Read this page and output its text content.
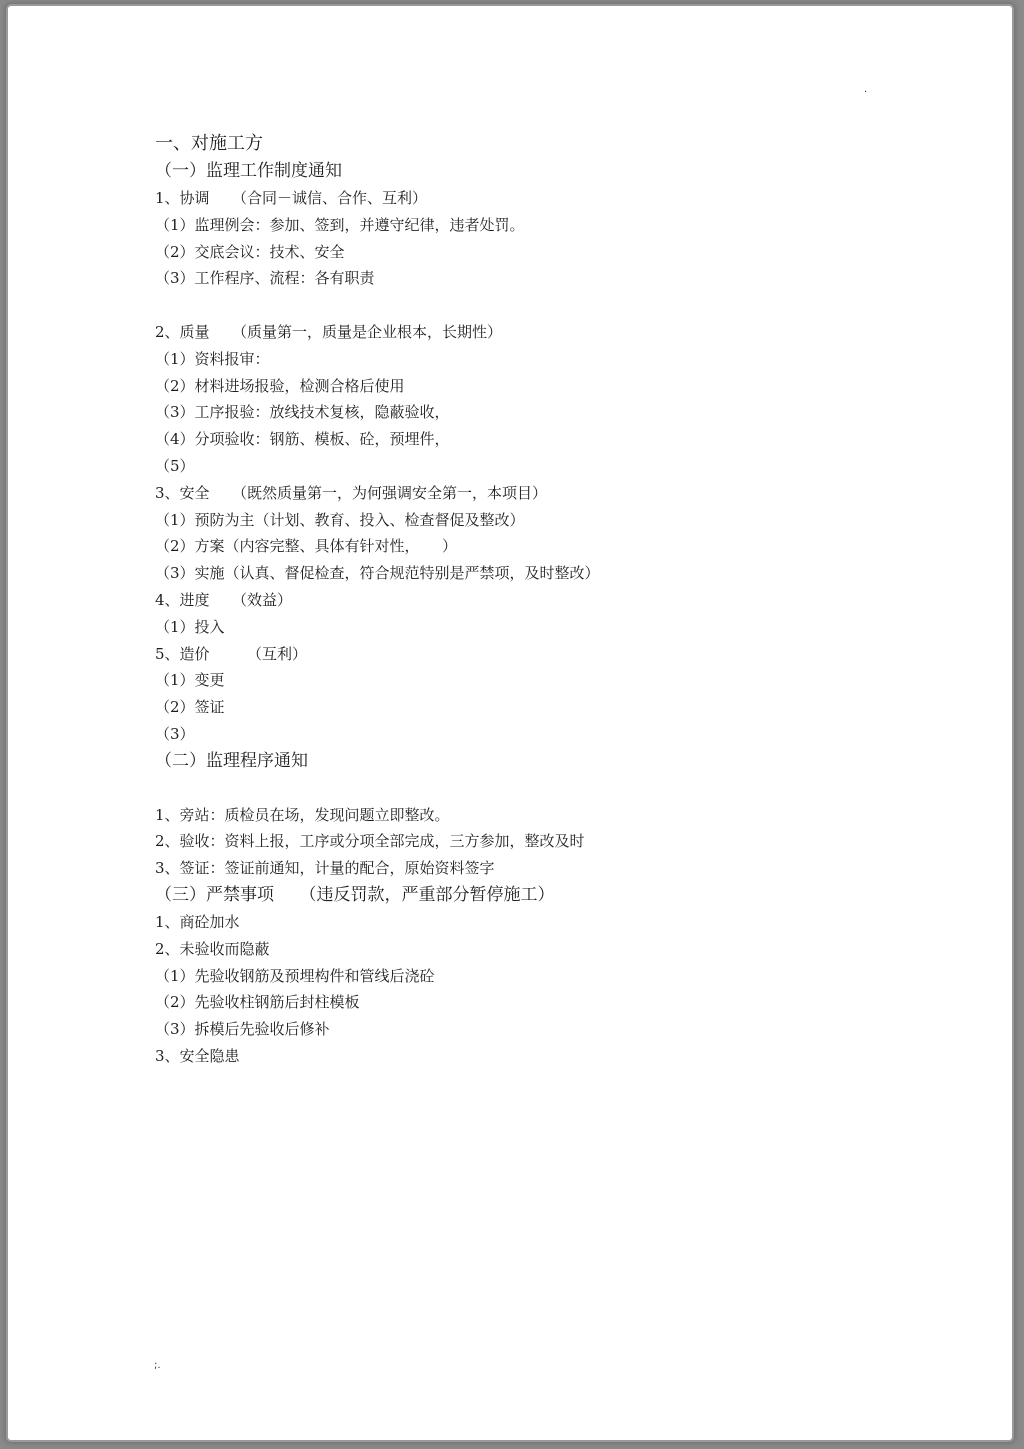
.
一、对施工方
（一）监理工作制度通知
1、协调　　（合同－诚信、合作、互利）
（1）监理例会：参加、签到，并遵守纪律，违者处罚。
（2）交底会议：技术、安全
（3）工作程序、流程：各有职责
2、质量　　（质量第一，质量是企业根本，长期性）
（1）资料报审：
（2）材料进场报验，检测合格后使用
（3）工序报验：放线技术复核，隐蔽验收，
（4）分项验收：钢筋、模板、砼，预埋件，
（5）
3、安全　　（既然质量第一，为何强调安全第一，本项目）
（1）预防为主（计划、教育、投入、检查督促及整改）
（2）方案（内容完整、具体有针对性，　　）
（3）实施（认真、督促检查，符合规范特别是严禁项，及时整改）
4、进度　　（效益）
（1）投入
5、造价　　　（互利）
（1）变更
（2）签证
（3）
（二）监理程序通知
1、旁站：质检员在场，发现问题立即整改。
2、验收：资料上报，工序或分项全部完成，三方参加，整改及时
3、签证：签证前通知，计量的配合，原始资料签字
（三）严禁事项　　（违反罚款，严重部分暂停施工）
1、商砼加水
2、未验收而隐蔽
（1）先验收钢筋及预埋构件和管线后浇砼
（2）先验收柱钢筋后封柱模板
（3）拆模后先验收后修补
3、安全隐患
;.
